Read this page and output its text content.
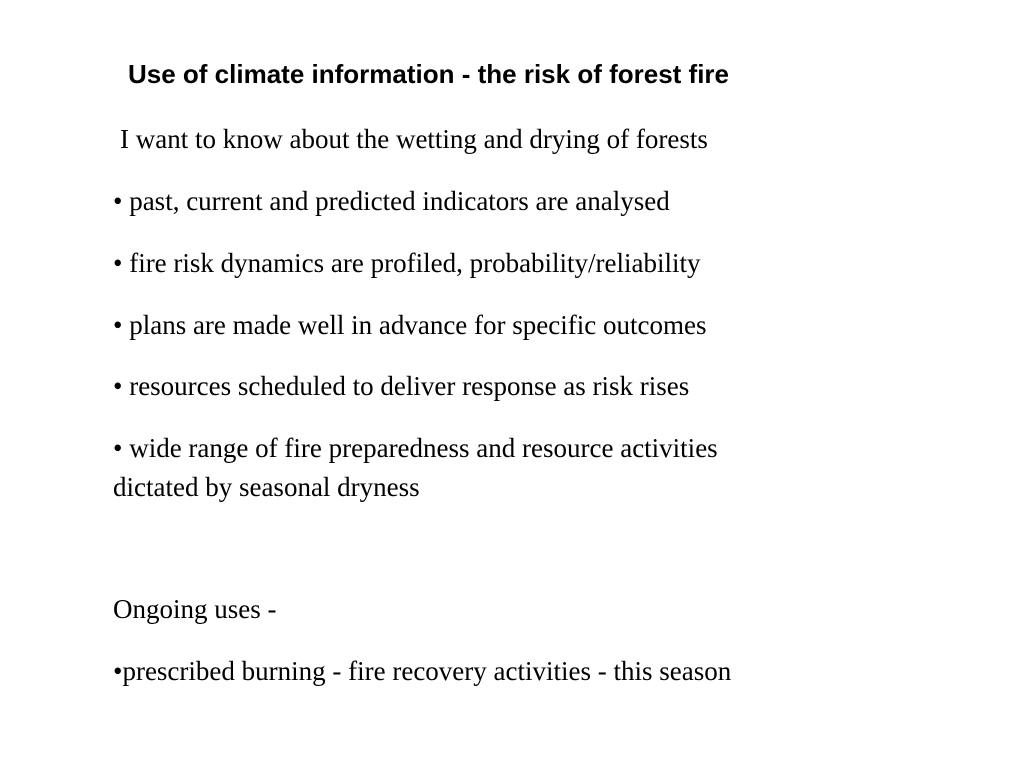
Use of climate information - the risk of forest fire
I want to know about the wetting and drying of forests
• past, current and predicted indicators are analysed
• fire risk dynamics are profiled, probability/reliability
• plans are made well in advance for specific outcomes
• resources scheduled to deliver response as risk rises
• wide range of fire preparedness and resource activities
dictated by seasonal dryness
Ongoing uses -
•prescribed burning - fire recovery activities - this season
